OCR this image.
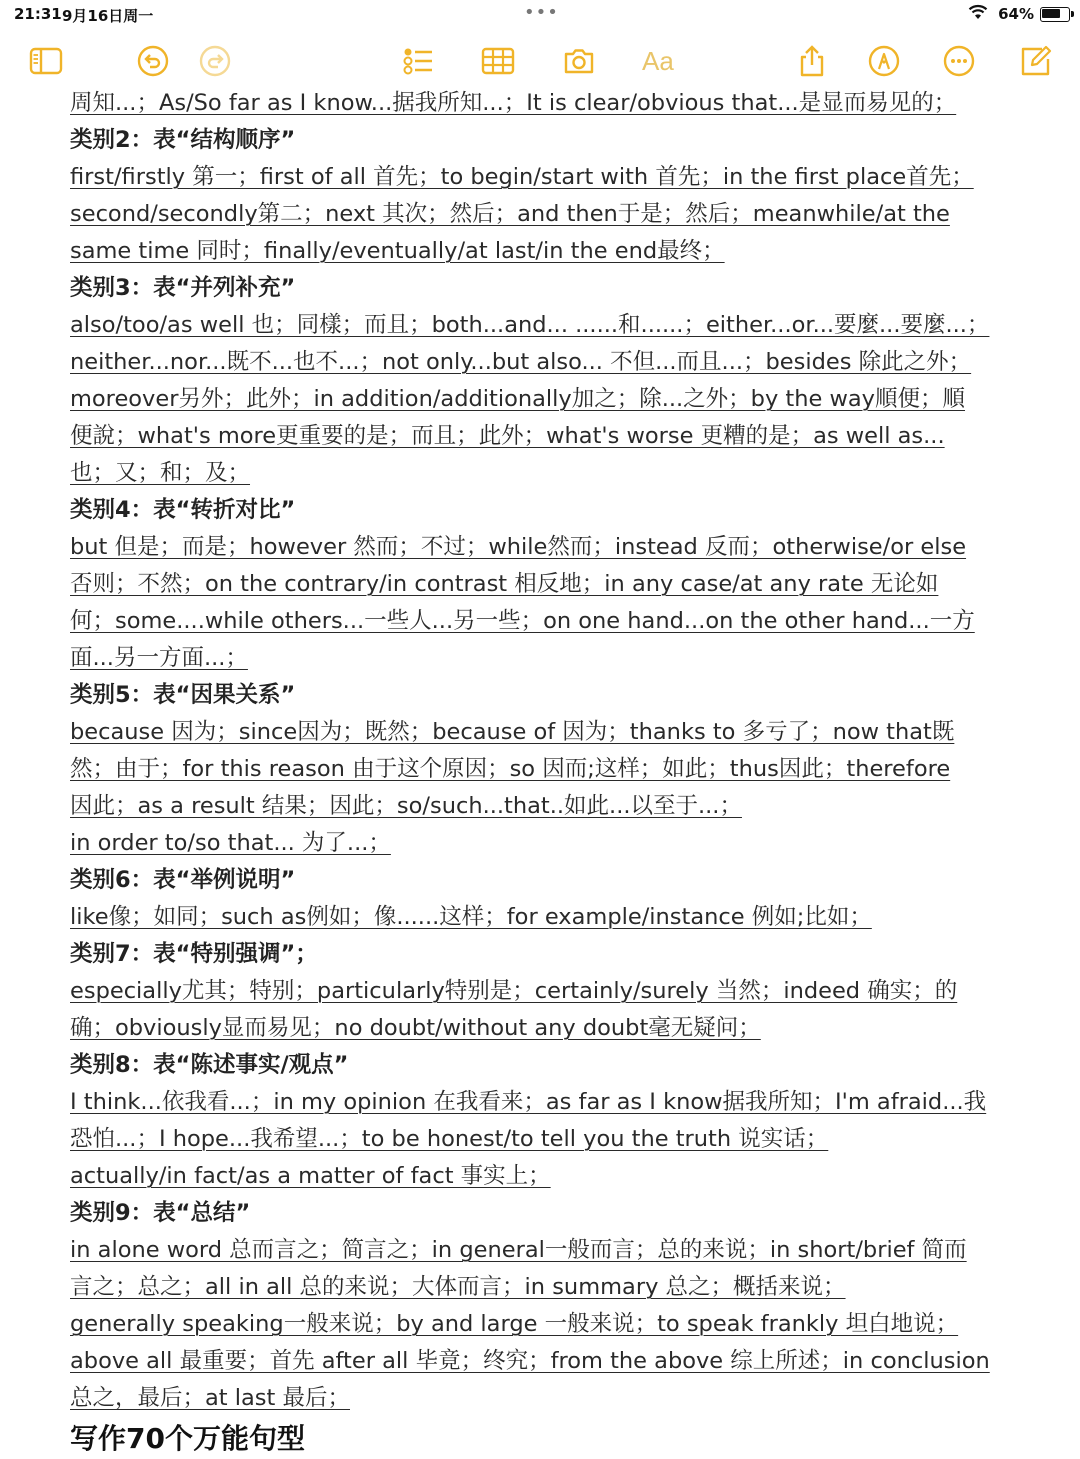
21:31 9月16日周一	•••	64%
Aa
周知...；As/So far as I know...据我所知...；It is clear/obvious that...是显而易见的；
类别2：表“结构顺序”
first/firstly 第一；first of all 首先；to begin/start with 首先；in the first place首先；
second/secondly第二；next 其次；然后；and then于是；然后；meanwhile/at the
same time 同时；finally/eventually/at last/in the end最终；
类别3：表“并列补充”
also/too/as well 也；同樣；而且；both...and... ......和......；either...or...要麼...要麼...；
neither...nor...既不...也不...；not only...but also... 不但...而且...；besides 除此之外；
moreover另外；此外；in addition/additionally加之；除...之外；by the way順便；順
便說；what's more更重要的是；而且；此外；what's worse 更糟的是；as well as...
也；又；和；及；
类别4：表“转折对比”
but 但是；而是；however 然而；不过；while然而；instead 反而；otherwise/or else
否则；不然；on the contrary/in contrast 相反地；in any case/at any rate 无论如
何；some....while others...一些人...另一些；on one hand...on the other hand...一方
面...另一方面...；
类别5：表“因果关系”
because 因为；since因为；既然；because of 因为；thanks to 多亏了；now that既
然；由于；for this reason 由于这个原因；so 因而;这样；如此；thus因此；therefore
因此；as a result 结果；因此；so/such...that..如此...以至于...；
in order to/so that... 为了...；
类别6：表“举例说明”
like像；如同；such as例如；像......这样；for example/instance 例如;比如；
类别7：表“特别强调”；
especially尤其；特别；particularly特别是；certainly/surely 当然；indeed 确实；的
确；obviously显而易见；no doubt/without any doubt毫无疑问；
类别8：表“陈述事实/观点”
I think...依我看...；in my opinion 在我看来；as far as I know据我所知；I'm afraid...我
恐怕...；I hope...我希望...；to be honest/to tell you the truth 说实话；
actually/in fact/as a matter of fact 事实上；
类别9：表“总结”
in alone word 总而言之；简言之；in general一般而言；总的来说；in short/brief 简而
言之；总之；all in all 总的来说；大体而言；in summary 总之；概括来说；
generally speaking一般来说；by and large 一般来说；to speak frankly 坦白地说；
above all 最重要；首先 after all 毕竟；终究；from the above 综上所述；in conclusion
总之，最后；at last 最后；
写作70个万能句型
